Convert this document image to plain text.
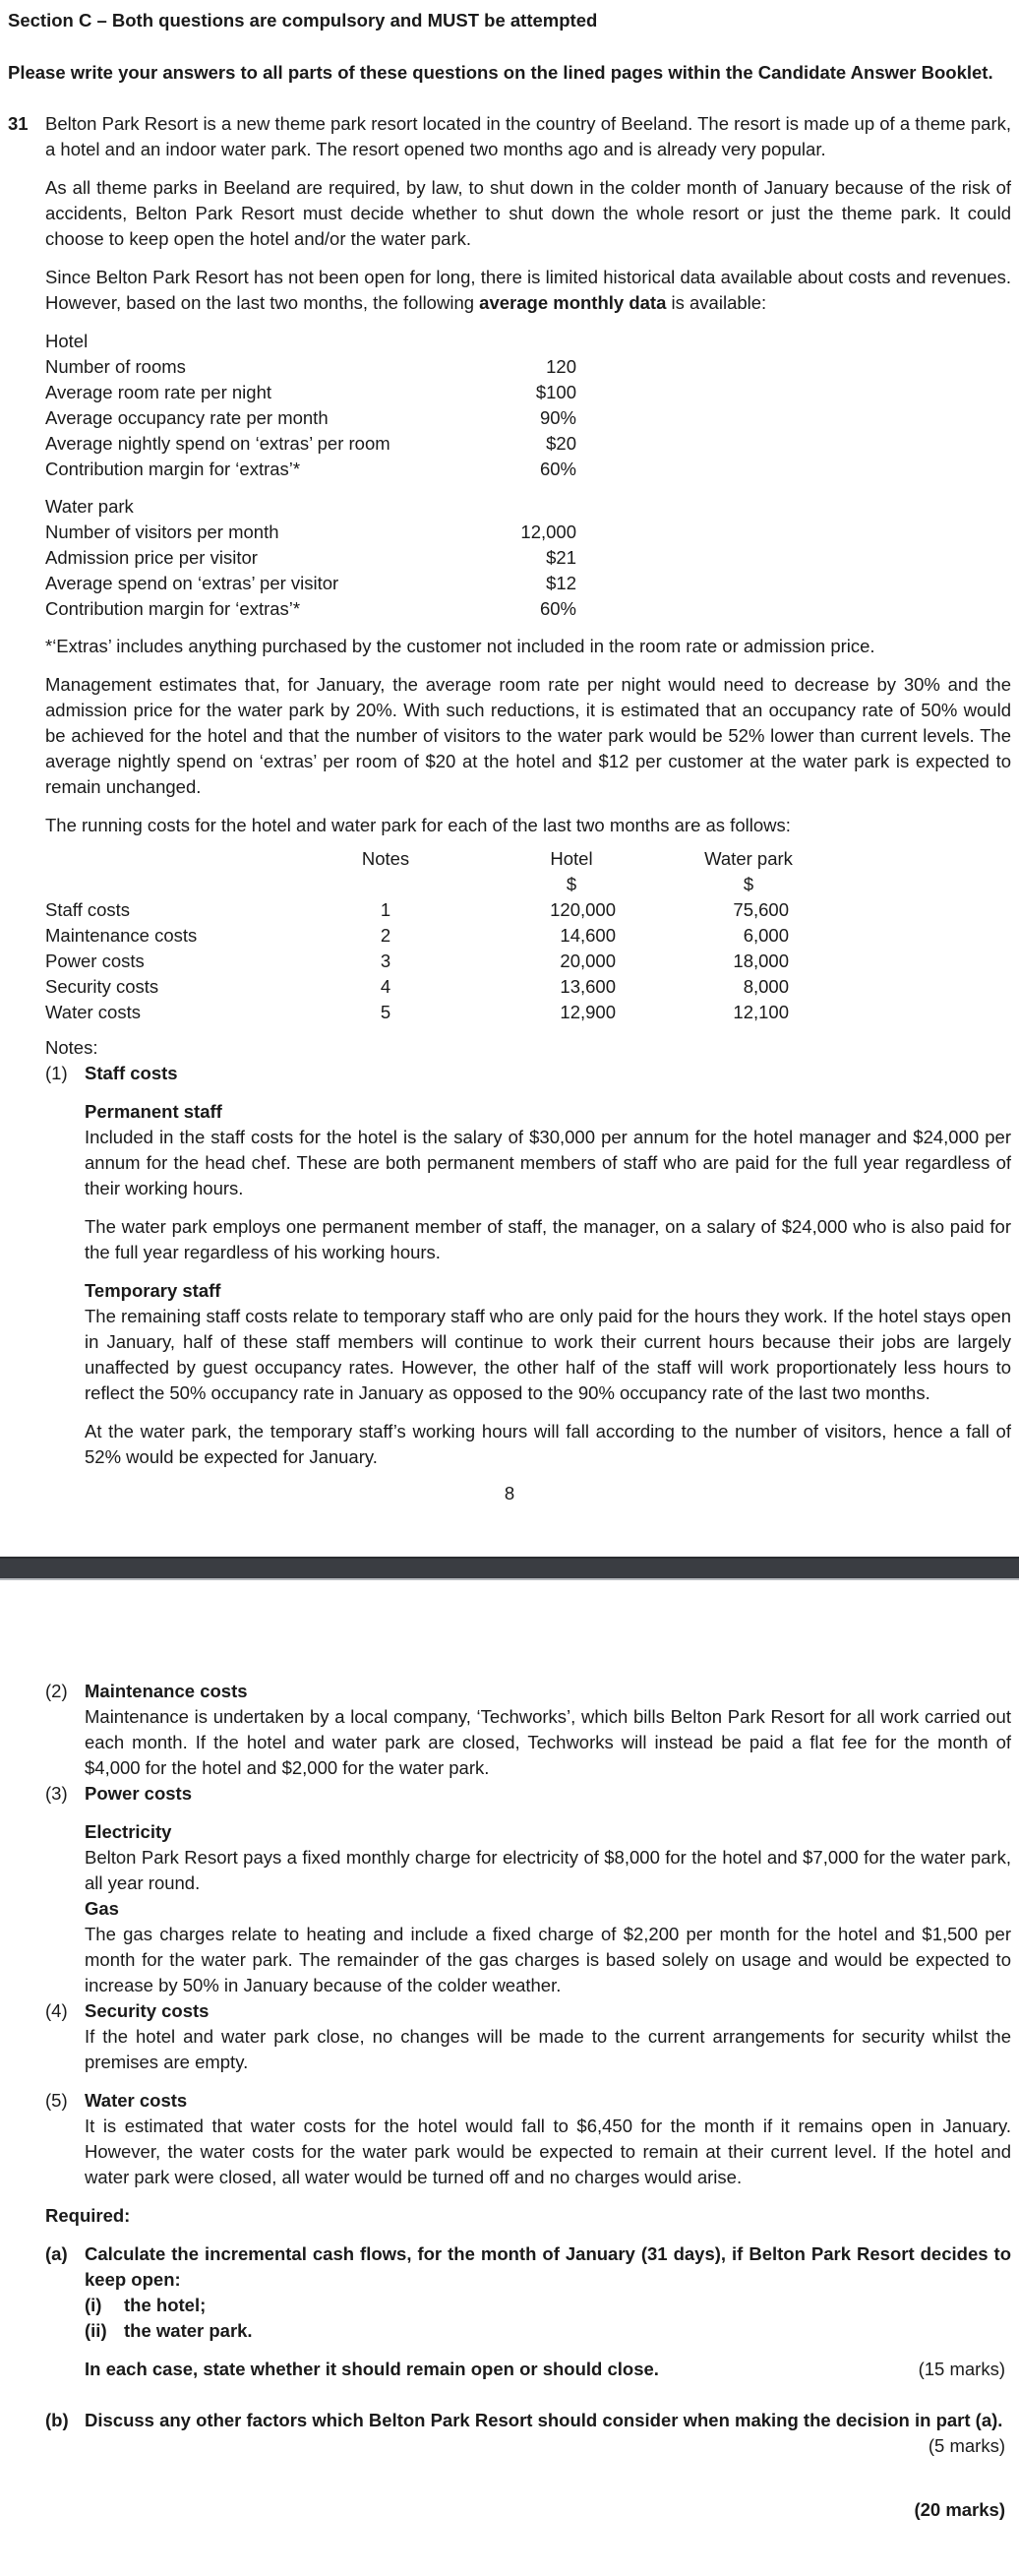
Section C – Both questions are compulsory and MUST be attempted
Please write your answers to all parts of these questions on the lined pages within the Candidate Answer Booklet.
31 Belton Park Resort is a new theme park resort located in the country of Beeland. The resort is made up of a theme park, a hotel and an indoor water park. The resort opened two months ago and is already very popular.
As all theme parks in Beeland are required, by law, to shut down in the colder month of January because of the risk of accidents, Belton Park Resort must decide whether to shut down the whole resort or just the theme park. It could choose to keep open the hotel and/or the water park.
Since Belton Park Resort has not been open for long, there is limited historical data available about costs and revenues. However, based on the last two months, the following average monthly data is available:
Hotel
Number of rooms	120
Average room rate per night	$100
Average occupancy rate per month	90%
Average nightly spend on ‘extras’ per room	$20
Contribution margin for ‘extras’*	60%
Water park
Number of visitors per month	12,000
Admission price per visitor	$21
Average spend on ‘extras’ per visitor	$12
Contribution margin for ‘extras’*	60%
*‘Extras’ includes anything purchased by the customer not included in the room rate or admission price.
Management estimates that, for January, the average room rate per night would need to decrease by 30% and the admission price for the water park by 20%. With such reductions, it is estimated that an occupancy rate of 50% would be achieved for the hotel and that the number of visitors to the water park would be 52% lower than current levels. The average nightly spend on ‘extras’ per room of $20 at the hotel and $12 per customer at the water park is expected to remain unchanged.
The running costs for the hotel and water park for each of the last two months are as follows:
Notes	Hotel	Water park
$	$
Staff costs	1	120,000	75,600
Maintenance costs	2	14,600	6,000
Power costs	3	20,000	18,000
Security costs	4	13,600	8,000
Water costs	5	12,900	12,100
Notes:
(1) Staff costs
Permanent staff
Included in the staff costs for the hotel is the salary of $30,000 per annum for the hotel manager and $24,000 per annum for the head chef. These are both permanent members of staff who are paid for the full year regardless of their working hours.
The water park employs one permanent member of staff, the manager, on a salary of $24,000 who is also paid for the full year regardless of his working hours.
Temporary staff
The remaining staff costs relate to temporary staff who are only paid for the hours they work. If the hotel stays open in January, half of these staff members will continue to work their current hours because their jobs are largely unaffected by guest occupancy rates. However, the other half of the staff will work proportionately less hours to reflect the 50% occupancy rate in January as opposed to the 90% occupancy rate of the last two months.
At the water park, the temporary staff’s working hours will fall according to the number of visitors, hence a fall of 52% would be expected for January.
8
(2) Maintenance costs
Maintenance is undertaken by a local company, ‘Techworks’, which bills Belton Park Resort for all work carried out each month. If the hotel and water park are closed, Techworks will instead be paid a flat fee for the month of $4,000 for the hotel and $2,000 for the water park.
(3) Power costs
Electricity
Belton Park Resort pays a fixed monthly charge for electricity of $8,000 for the hotel and $7,000 for the water park, all year round.
Gas
The gas charges relate to heating and include a fixed charge of $2,200 per month for the hotel and $1,500 per month for the water park. The remainder of the gas charges is based solely on usage and would be expected to increase by 50% in January because of the colder weather.
(4) Security costs
If the hotel and water park close, no changes will be made to the current arrangements for security whilst the premises are empty.
(5) Water costs
It is estimated that water costs for the hotel would fall to $6,450 for the month if it remains open in January. However, the water costs for the water park would be expected to remain at their current level. If the hotel and water park were closed, all water would be turned off and no charges would arise.
Required:
(a) Calculate the incremental cash flows, for the month of January (31 days), if Belton Park Resort decides to keep open:
(i) the hotel;
(ii) the water park.
In each case, state whether it should remain open or should close.	(15 marks)
(b) Discuss any other factors which Belton Park Resort should consider when making the decision in part (a).
(5 marks)
(20 marks)
